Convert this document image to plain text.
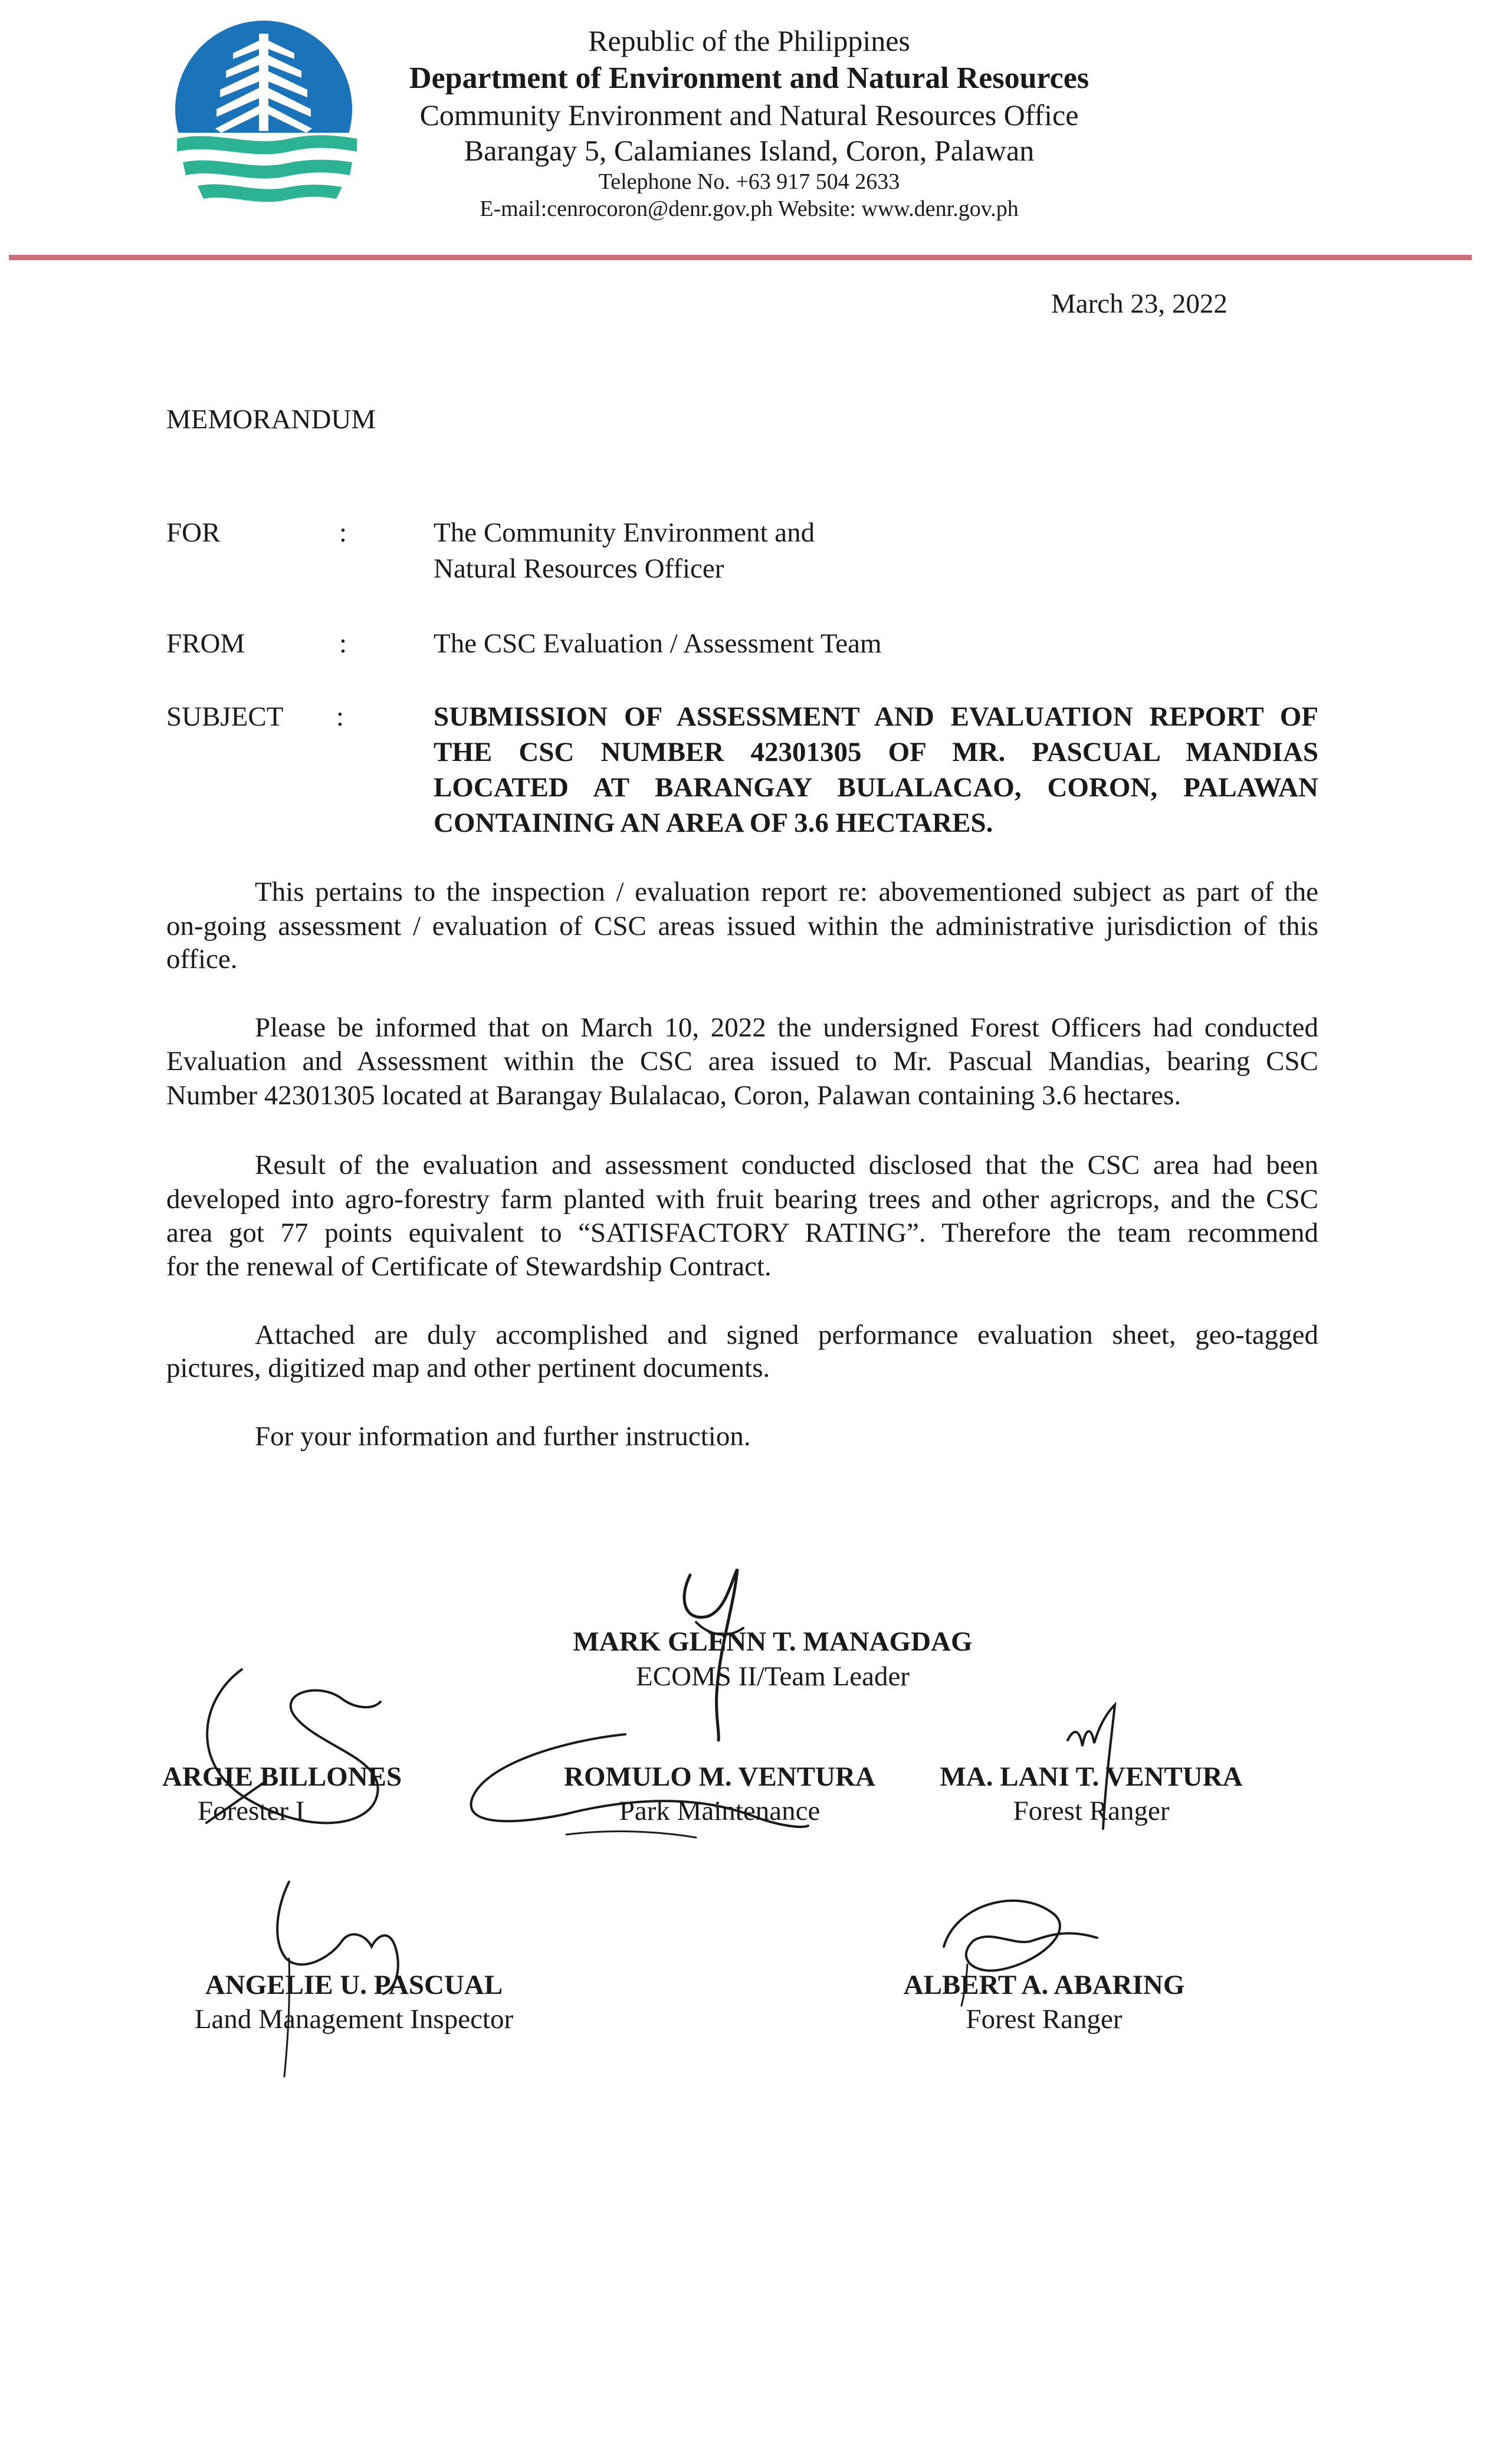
Republic of the Philippines
Department of Environment and Natural Resources
Community Environment and Natural Resources Office
Barangay 5, Calamianes Island, Coron, Palawan
Telephone No. +63 917 504 2633
E-mail:cenrocoron@denr.gov.ph Website: www.denr.gov.ph
March 23, 2022
MEMORANDUM
FOR	:	The Community Environment and
Natural Resources Officer
FROM	:	The CSC Evaluation / Assessment Team
SUBJECT :	SUBMISSION OF ASSESSMENT AND EVALUATION REPORT OF
THE CSC NUMBER 42301305 OF MR. PASCUAL MANDIAS
LOCATED AT BARANGAY BULALACAO, CORON, PALAWAN
CONTAINING AN AREA OF 3.6 HECTARES.
This pertains to the inspection / evaluation report re: abovementioned subject as part of the
on-going assessment / evaluation of CSC areas issued within the administrative jurisdiction of this
office.
Please be informed that on March 10, 2022 the undersigned Forest Officers had conducted
Evaluation and Assessment within the CSC area issued to Mr. Pascual Mandias, bearing CSC
Number 42301305 located at Barangay Bulalacao, Coron, Palawan containing 3.6 hectares.
Result of the evaluation and assessment conducted disclosed that the CSC area had been
developed into agro-forestry farm planted with fruit bearing trees and other agricrops, and the CSC
area got 77 points equivalent to “SATISFACTORY RATING”. Therefore the team recommend
for the renewal of Certificate of Stewardship Contract.
Attached are duly accomplished and signed performance evaluation sheet, geo-tagged
pictures, digitized map and other pertinent documents.
For your information and further instruction.
MARK GLENN T. MANAGDAG
ECOMS II/Team Leader
ARGIE BILLONES
Forester I
ROMULO M. VENTURA
Park Maintenance
MA. LANI T. VENTURA
Forest Ranger
ANGELIE U. PASCUAL
Land Management Inspector
ALBERT A. ABARING
Forest Ranger
